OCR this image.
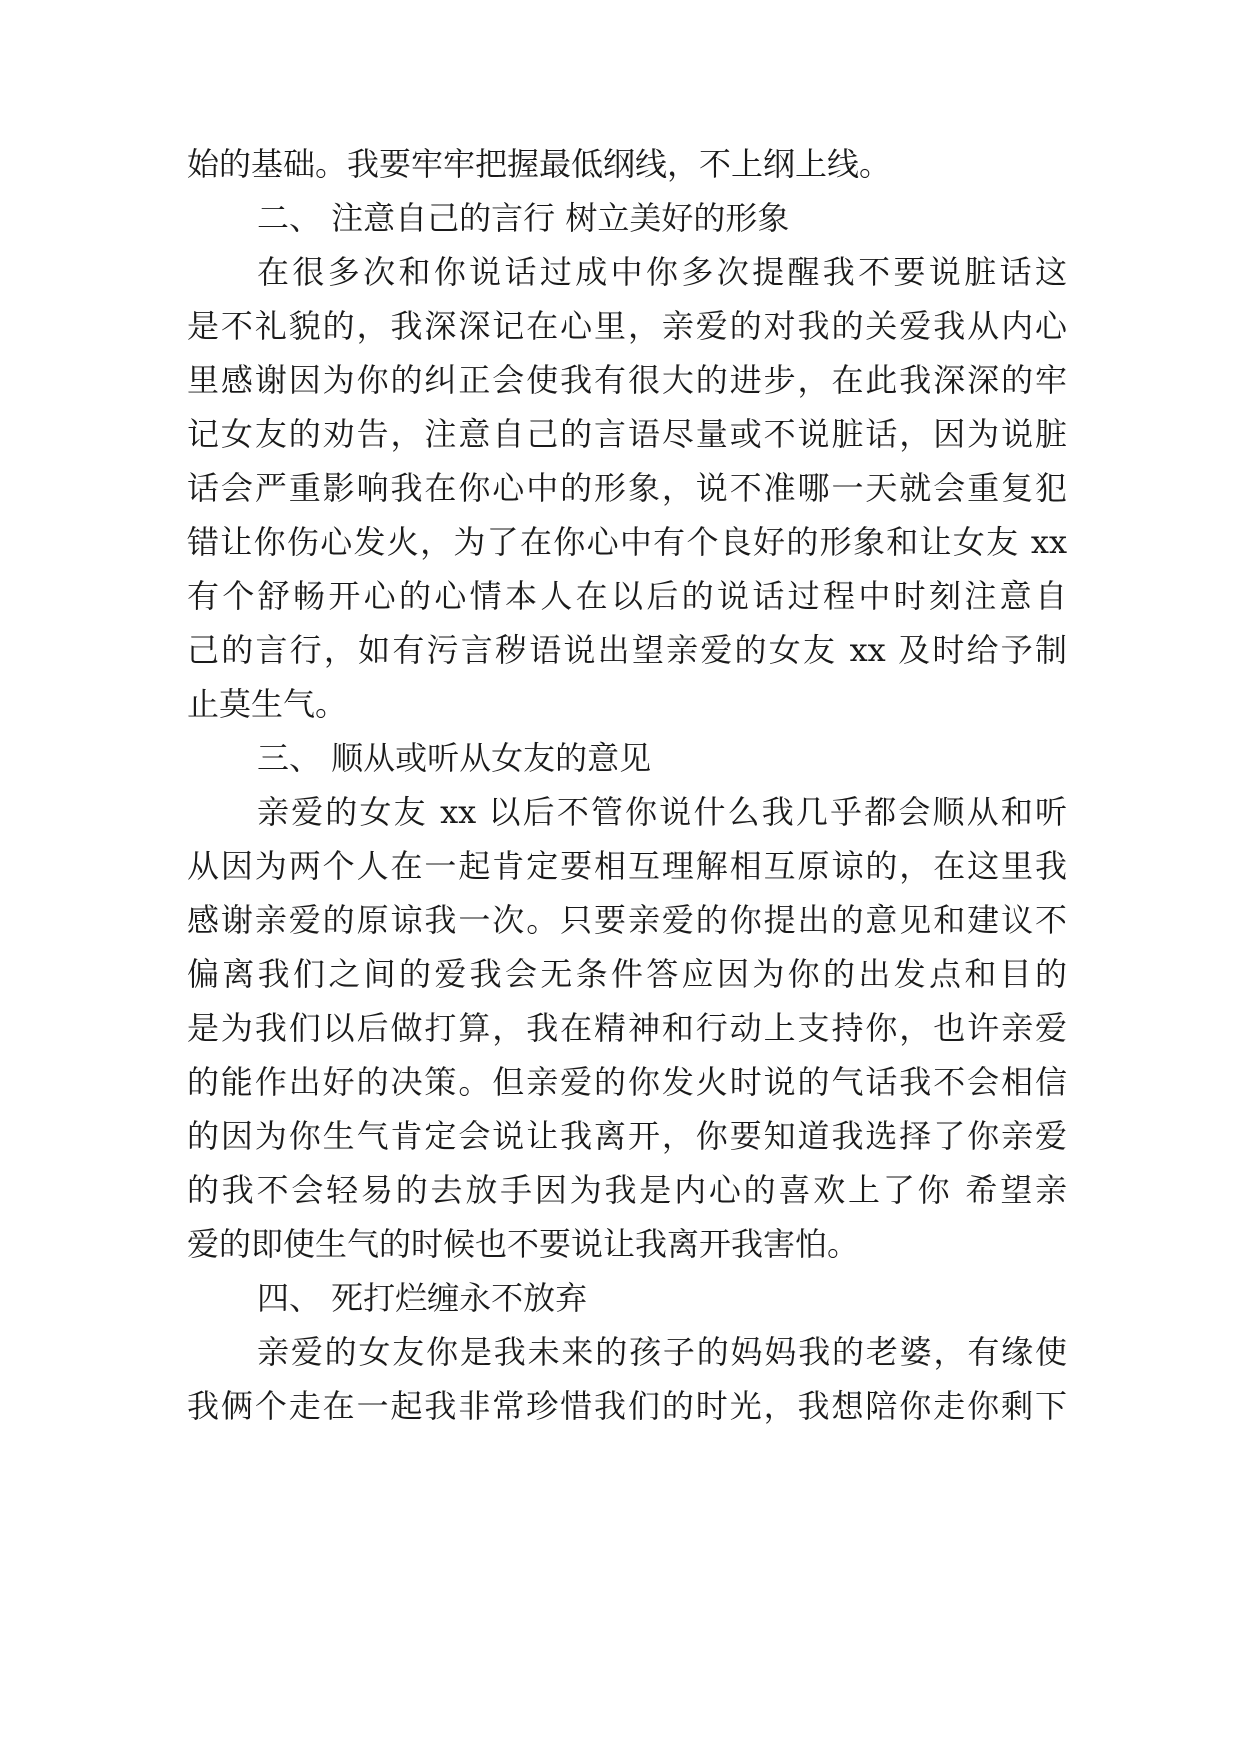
始的基础。我要牢牢把握最低纲线，不上纲上线。
二、 注意自己的言行 树立美好的形象
在很多次和你说话过成中你多次提醒我不要说脏话这
是不礼貌的，我深深记在心里，亲爱的对我的关爱我从内心
里感谢因为你的纠正会使我有很大的进步，在此我深深的牢
记女友的劝告，注意自己的言语尽量或不说脏话，因为说脏
话会严重影响我在你心中的形象，说不准哪一天就会重复犯
错让你伤心发火，为了在你心中有个良好的形象和让女友 xx
有个舒畅开心的心情本人在以后的说话过程中时刻注意自
己的言行，如有污言秽语说出望亲爱的女友 xx 及时给予制
止莫生气。
三、 顺从或听从女友的意见
亲爱的女友 xx 以后不管你说什么我几乎都会顺从和听
从因为两个人在一起肯定要相互理解相互原谅的，在这里我
感谢亲爱的原谅我一次。只要亲爱的你提出的意见和建议不
偏离我们之间的爱我会无条件答应因为你的出发点和目的
是为我们以后做打算，我在精神和行动上支持你，也许亲爱
的能作出好的决策。但亲爱的你发火时说的气话我不会相信
的因为你生气肯定会说让我离开，你要知道我选择了你亲爱
的我不会轻易的去放手因为我是内心的喜欢上了你 希望亲
爱的即使生气的时候也不要说让我离开我害怕。
四、 死打烂缠永不放弃
亲爱的女友你是我未来的孩子的妈妈我的老婆，有缘使
我俩个走在一起我非常珍惜我们的时光，我想陪你走你剩下
